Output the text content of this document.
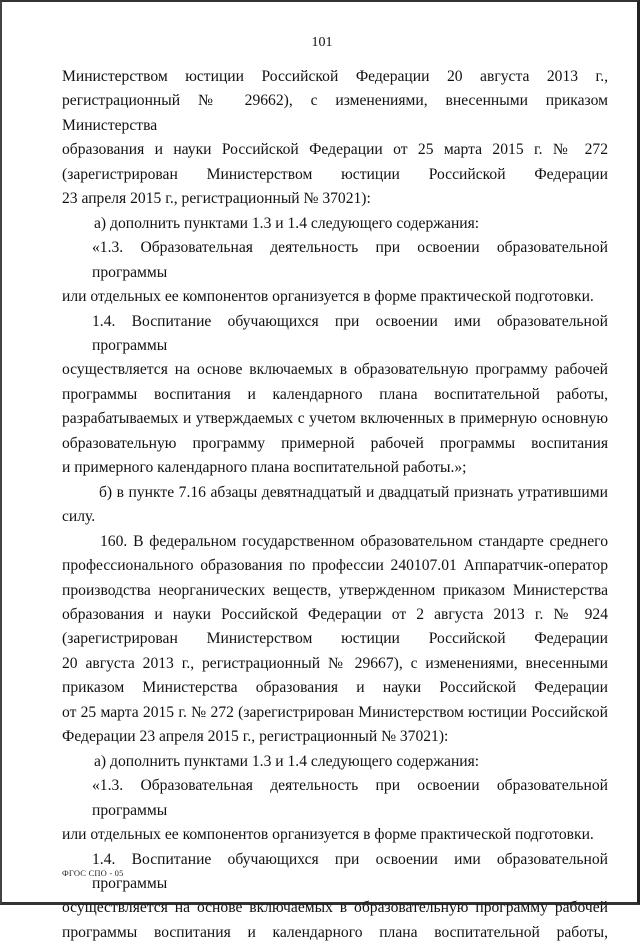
101
Министерством юстиции Российской Федерации 20 августа 2013 г.,
регистрационный № 29662), с изменениями, внесенными приказом Министерства
образования и науки Российской Федерации от 25 марта 2015 г. № 272
(зарегистрирован Министерством юстиции Российской Федерации
23 апреля 2015 г., регистрационный № 37021):
а) дополнить пунктами 1.3 и 1.4 следующего содержания:
«1.3. Образовательная деятельность при освоении образовательной программы
или отдельных ее компонентов организуется в форме практической подготовки.
1.4. Воспитание обучающихся при освоении ими образовательной программы
осуществляется на основе включаемых в образовательную программу рабочей
программы воспитания и календарного плана воспитательной работы,
разрабатываемых и утверждаемых с учетом включенных в примерную основную
образовательную программу примерной рабочей программы воспитания
и примерного календарного плана воспитательной работы.»;
б) в пункте 7.16 абзацы девятнадцатый и двадцатый признать утратившими
силу.
160. В федеральном государственном образовательном стандарте среднего
профессионального образования по профессии 240107.01 Аппаратчик-оператор
производства неорганических веществ, утвержденном приказом Министерства
образования и науки Российской Федерации от 2 августа 2013 г. № 924
(зарегистрирован Министерством юстиции Российской Федерации
20 августа 2013 г., регистрационный № 29667), с изменениями, внесенными
приказом Министерства образования и науки Российской Федерации
от 25 марта 2015 г. № 272 (зарегистрирован Министерством юстиции Российской
Федерации 23 апреля 2015 г., регистрационный № 37021):
а) дополнить пунктами 1.3 и 1.4 следующего содержания:
«1.3. Образовательная деятельность при освоении образовательной программы
или отдельных ее компонентов организуется в форме практической подготовки.
1.4. Воспитание обучающихся при освоении ими образовательной программы
осуществляется на основе включаемых в образовательную программу рабочей
программы воспитания и календарного плана воспитательной работы,
ФГОС СПО - 05
